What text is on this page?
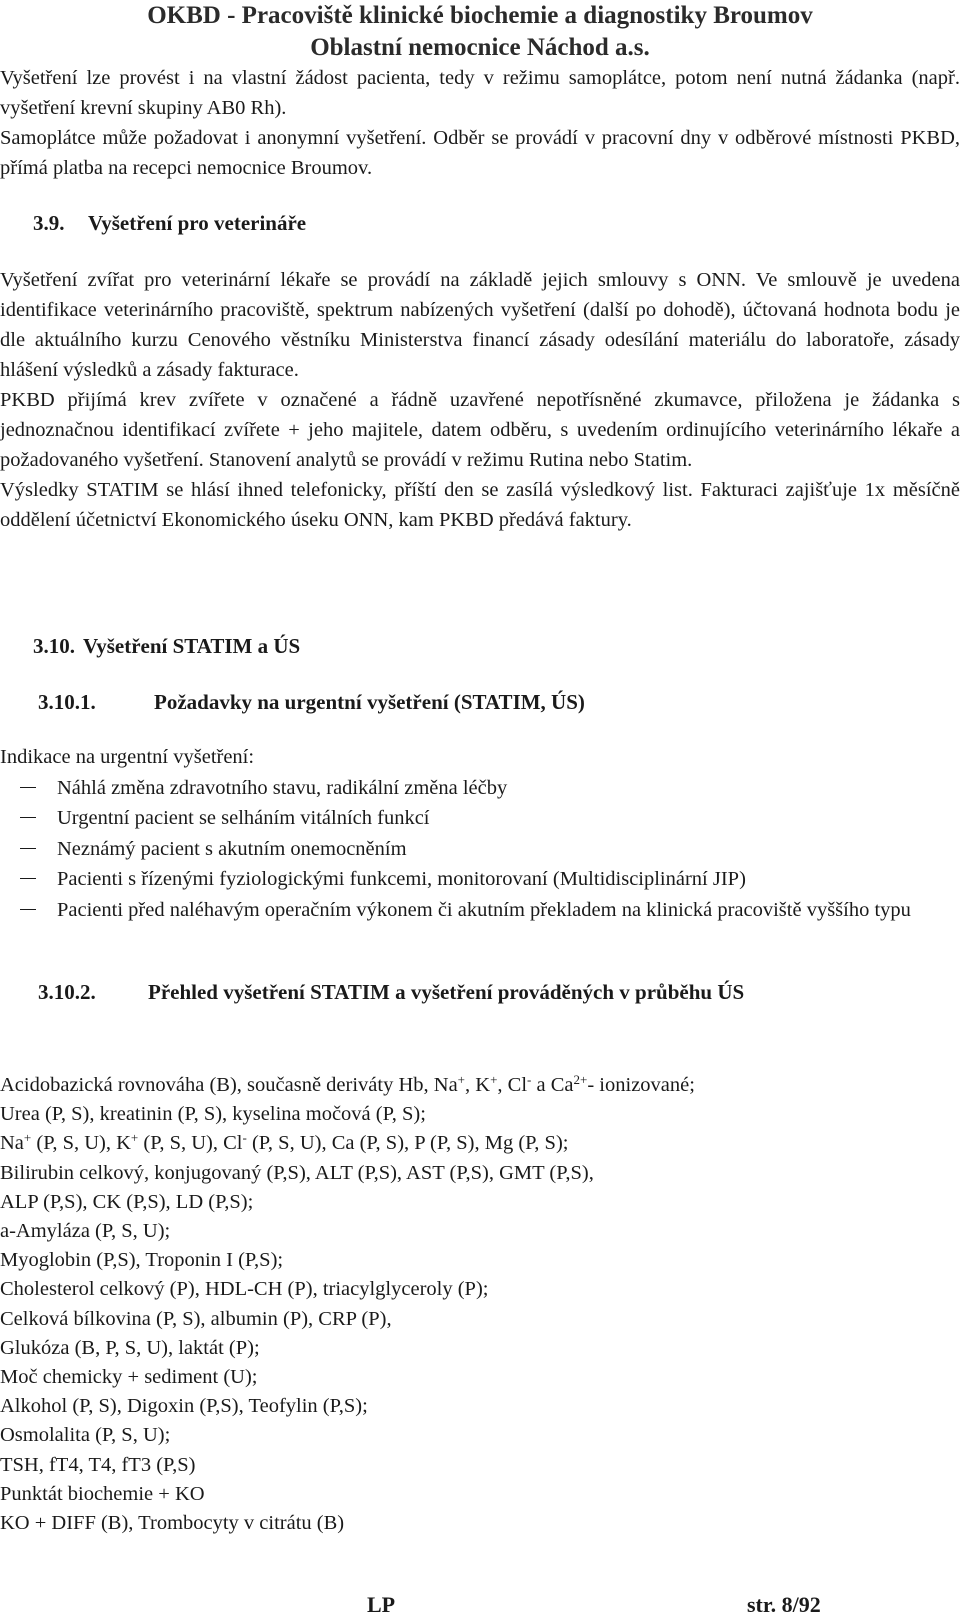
OKBD - Pracoviště klinické biochemie a diagnostiky Broumov
Oblastní nemocnice Náchod a.s.

Vyšetření lze provést i na vlastní žádost pacienta, tedy v režimu samoplátce, potom není nutná žádanka (např. vyšetření krevní skupiny AB0 Rh).

Samoplátce může požadovat i anonymní vyšetření. Odběr se provádí v pracovní dny v odběrové místnosti PKBD, přímá platba na recepci nemocnice Broumov.

3.9. Vyšetření pro veterináře

Vyšetření zvířat pro veterinární lékaře se provádí na základě jejich smlouvy s ONN. Ve smlouvě je uvedena identifikace veterinárního pracoviště, spektrum nabízených vyšetření (další po dohodě), účtovaná hodnota bodu je dle aktuálního kurzu Cenového věstníku Ministerstva financí zásady odesílání materiálu do laboratoře, zásady hlášení výsledků a zásady fakturace.

PKBD přijímá krev zvířete v označené a řádně uzavřené nepotřísněné zkumavce, přiložena je žádanka s jednoznačnou identifikací zvířete + jeho majitele, datem odběru, s uvedením ordinujícího veterinárního lékaře a požadovaného vyšetření. Stanovení analytů se provádí v režimu Rutina nebo Statim.

Výsledky STATIM se hlásí ihned telefonicky, příští den se zasílá výsledkový list. Fakturaci zajišťuje 1x měsíčně oddělení účetnictví Ekonomického úseku ONN, kam PKBD předává faktury.

3.10. Vyšetření STATIM a ÚS
3.10.1.	Požadavky na urgentní vyšetření (STATIM, ÚS)
Indikace na urgentní vyšetření:
Náhlá změna zdravotního stavu, radikální změna léčby
Urgentní pacient se selháním vitálních funkcí
Neznámý pacient s akutním onemocněním
Pacienti s řízenými fyziologickými funkcemi, monitorovaní (Multidisciplinární JIP)
Pacienti před naléhavým operačním výkonem či akutním překladem na klinická pracoviště vyššího typu
3.10.2. Přehled vyšetření STATIM a vyšetření prováděných v průběhu ÚS
Acidobazická rovnováha (B), současně deriváty Hb, Na+, K+, Cl- a $Ca^{2+}-$ ionizované;
Urea (P, S), kreatinin (P, S), kyselina močová (P, S);
Na+ (P, S, U), K+ (P, S, U), Cl- (P, S, U), Ca (P, S), P (P, S), Mg (P, S);
Bilirubin celkový, konjugovaný (P,S), ALT (P,S), AST (P,S), GMT (P,S),
ALP (P,S), CK (P,S), LD (P,S);
a-Amyláza (P, S, U);
Myoglobin (P,S), Troponin I (P,S);
Cholesterol celkový (P), HDL-CH (P), triacylglyceroly (P);
Celková bílkovina (P, S), albumin (P), CRP (P),
Glukóza (B, P, S, U), laktát (P);
Moč chemicky + sediment (U);
Alkohol (P, S), Digoxin (P,S), Teofylin (P,S);
Osmolalita (P, S, U);
TSH, fT4, T4, fT3 (P,S)
Punktát biochemie + KO
KO + DIFF (B), Trombocyty v citrátu (B)
LP	str. 8/92
